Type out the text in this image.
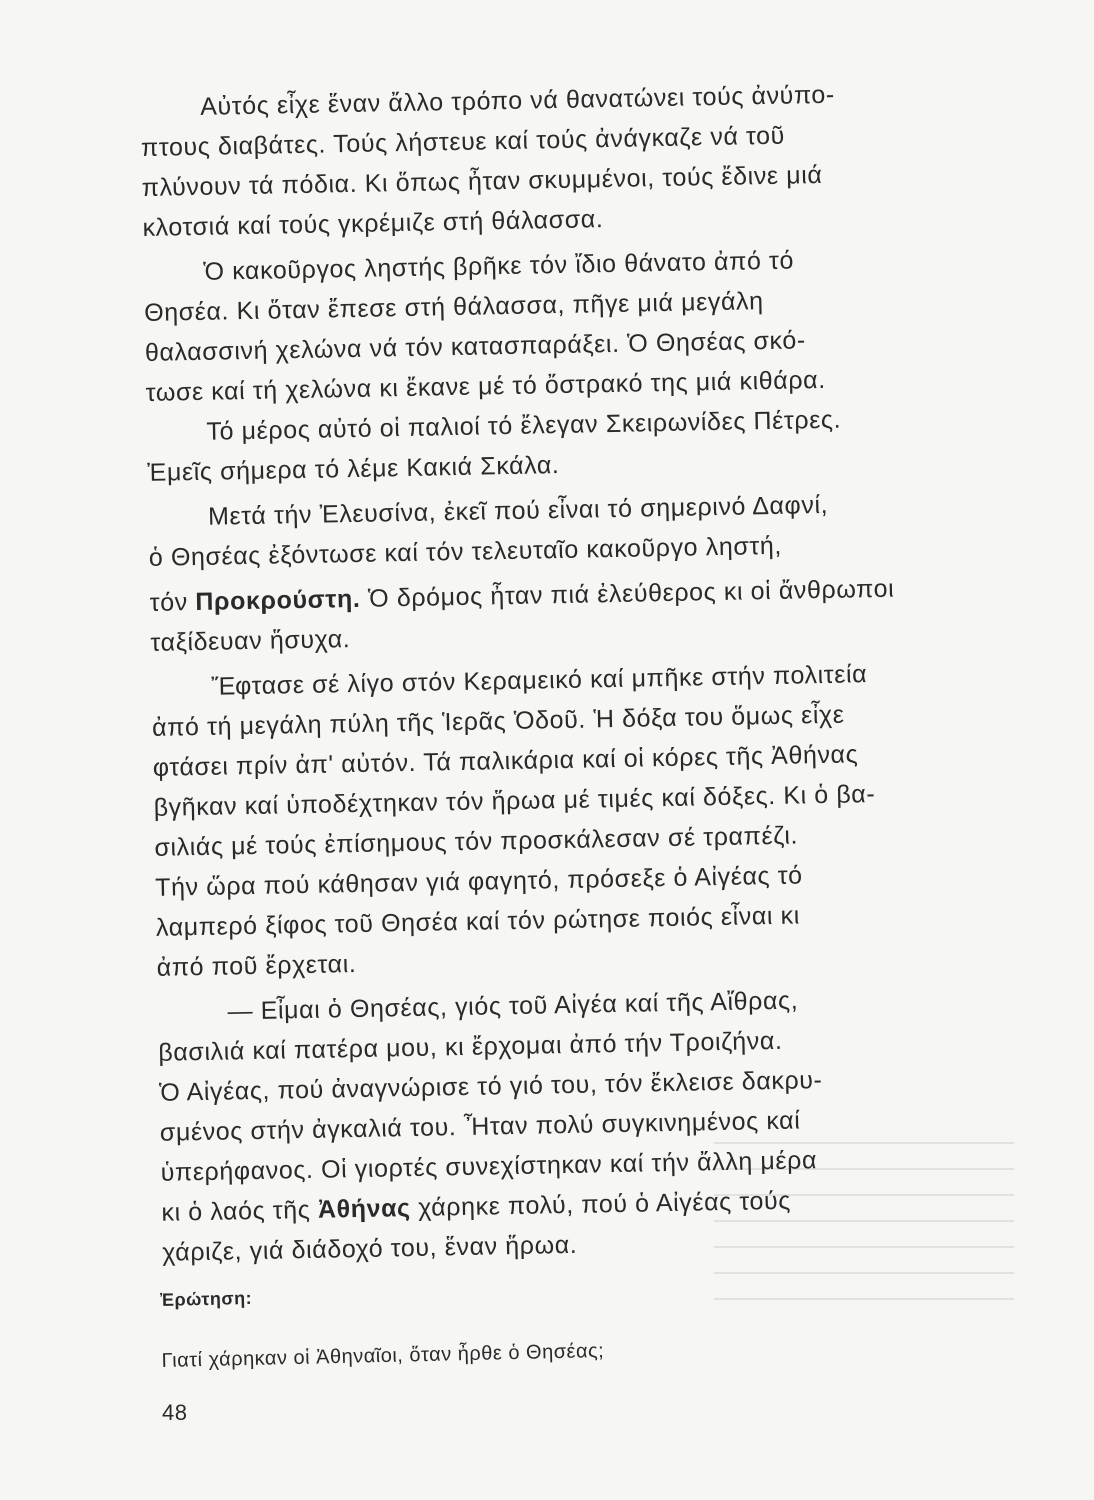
Αὐτός εἶχε ἕναν ἄλλο τρόπο νά θανατώνει τούς ἀνύπο-
πτους διαβάτες. Τούς λήστευε καί τούς ἀνάγκαζε νά τοῦ
πλύνουν τά πόδια. Κι ὅπως ἦταν σκυμμένοι, τούς ἔδινε μιά
κλοτσιά καί τούς γκρέμιζε στή θάλασσα.
Ὁ κακοῦργος ληστής βρῆκε τόν ἴδιο θάνατο ἀπό τό
Θησέα. Κι ὅταν ἔπεσε στή θάλασσα, πῆγε μιά μεγάλη
θαλασσινή χελώνα νά τόν κατασπαράξει. Ὁ Θησέας σκό-
τωσε καί τή χελώνα κι ἔκανε μέ τό ὄστρακό της μιά κιθάρα.
Τό μέρος αὐτό οἱ παλιοί τό ἔλεγαν Σκειρωνίδες Πέτρες.
Ἐμεῖς σήμερα τό λέμε Κακιά Σκάλα.
Μετά τήν Ἐλευσίνα, ἐκεῖ πού εἶναι τό σημερινό Δαφνί,
ὁ Θησέας ἐξόντωσε καί τόν τελευταῖο κακοῦργο ληστή,
τόν Προκρούστη. Ὁ δρόμος ἦταν πιά ἐλεύθερος κι οἱ ἄνθρωποι
ταξίδευαν ἥσυχα.
Ἔφτασε σέ λίγο στόν Κεραμεικό καί μπῆκε στήν πολιτεία
ἀπό τή μεγάλη πύλη τῆς Ἱερᾶς Ὁδοῦ. Ἡ δόξα του ὅμως εἶχε
φτάσει πρίν ἀπ' αὐτόν. Τά παλικάρια καί οἱ κόρες τῆς Ἀθήνας
βγῆκαν καί ὑποδέχτηκαν τόν ἥρωα μέ τιμές καί δόξες. Κι ὁ βα-
σιλιάς μέ τούς ἐπίσημους τόν προσκάλεσαν σέ τραπέζι.
Τήν ὥρα πού κάθησαν γιά φαγητό, πρόσεξε ὁ Αἰγέας τό
λαμπερό ξίφος τοῦ Θησέα καί τόν ρώτησε ποιός εἶναι κι
ἀπό ποῦ ἔρχεται.
— Εἶμαι ὁ Θησέας, γιός τοῦ Αἰγέα καί τῆς Αἴθρας,
βασιλιά καί πατέρα μου, κι ἔρχομαι ἀπό τήν Τροιζήνα.
Ὁ Αἰγέας, πού ἀναγνώρισε τό γιό του, τόν ἔκλεισε δακρυ-
σμένος στήν ἀγκαλιά του. Ἦταν πολύ συγκινημένος καί
ὑπερήφανος. Οἱ γιορτές συνεχίστηκαν καί τήν ἄλλη μέρα
κι ὁ λαός τῆς Ἀθήνας χάρηκε πολύ, πού ὁ Αἰγέας τούς
χάριζε, γιά διάδοχό του, ἕναν ἥρωα.
Ἐρώτηση:
Γιατί χάρηκαν οἱ Ἀθηναῖοι, ὅταν ἦρθε ὁ Θησέας;
48
